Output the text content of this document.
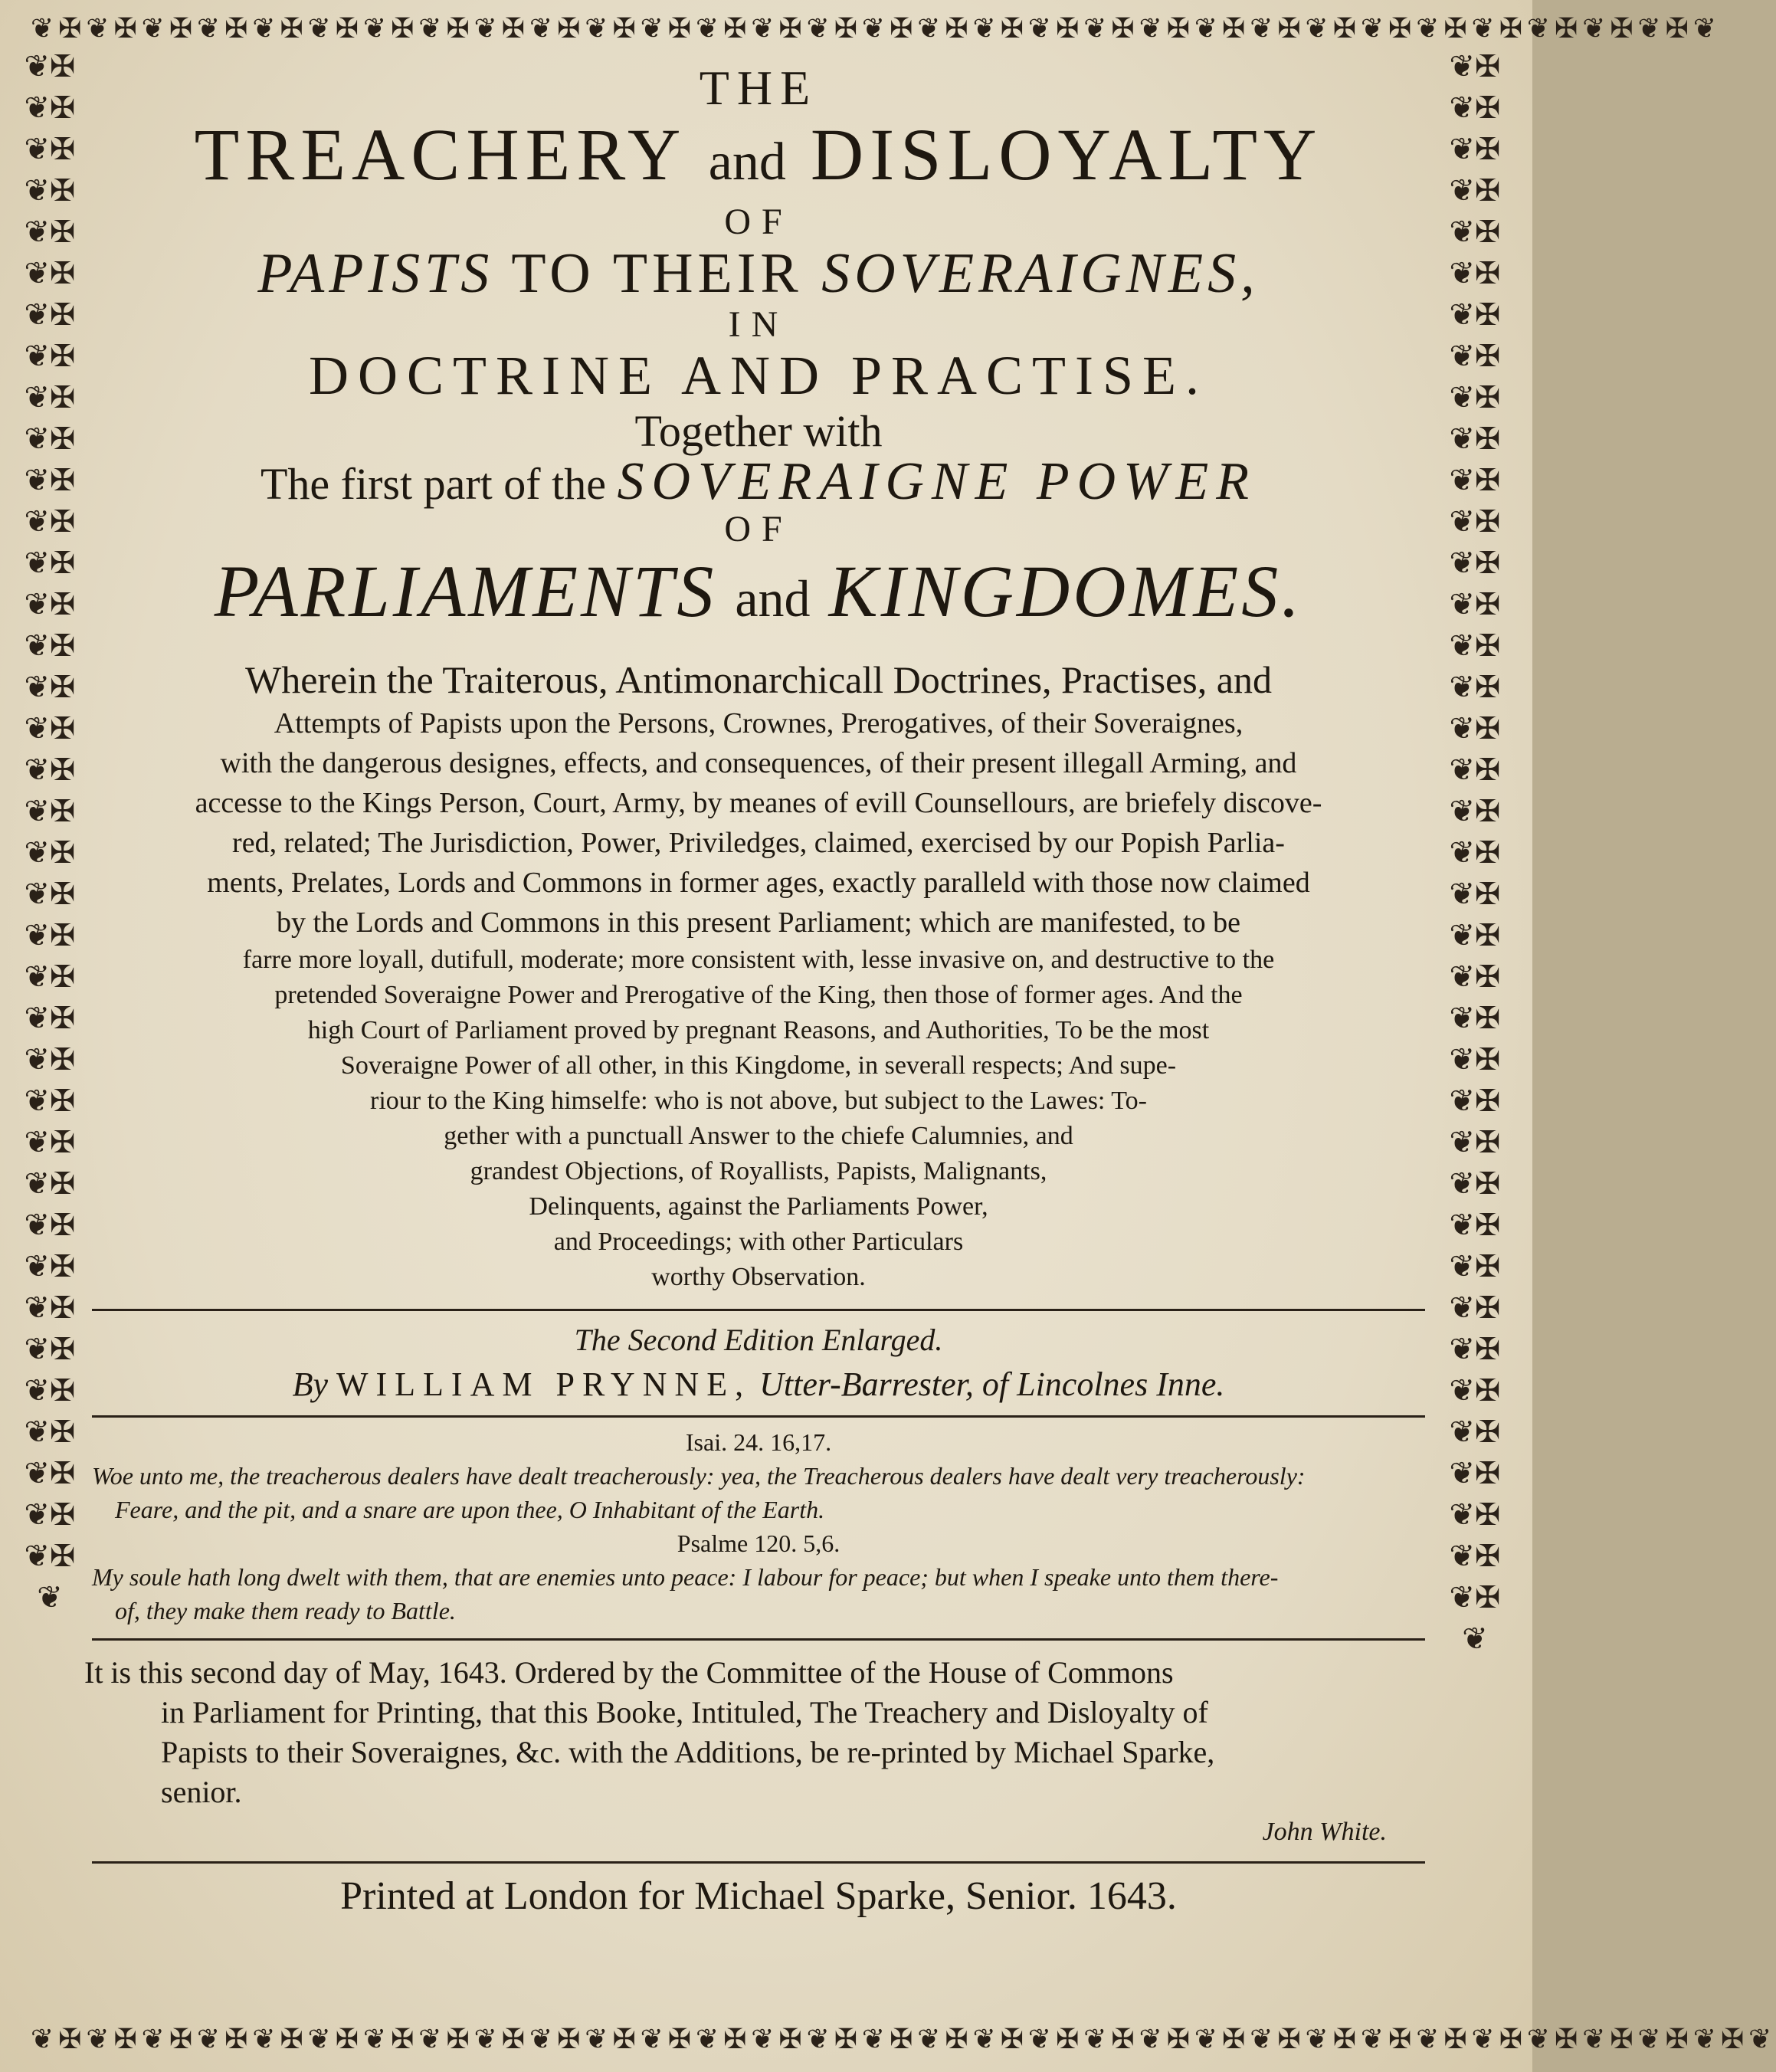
❦✠❦✠❦✠❦✠❦✠❦✠❦✠❦✠❦✠❦✠❦✠❦✠❦✠❦✠❦✠❦✠❦✠❦✠❦✠❦✠❦✠❦✠❦✠❦✠❦✠❦✠❦✠❦✠❦✠❦✠❦
❦✠❦✠❦✠❦✠❦✠❦✠❦✠❦✠❦✠❦✠❦✠❦✠❦✠❦✠❦✠❦✠❦✠❦✠❦✠❦✠❦✠❦✠❦✠❦✠❦✠❦✠❦✠❦✠❦✠❦✠❦✠❦✠❦✠❦✠❦✠❦✠❦✠❦
❦✠❦✠❦✠❦✠❦✠❦✠❦✠❦✠❦✠❦✠❦✠❦✠❦✠❦✠❦✠❦✠❦✠❦✠❦✠❦✠❦✠❦✠❦✠❦✠❦✠❦✠❦✠❦✠❦✠❦✠❦✠❦✠❦✠❦✠❦✠❦✠❦✠❦✠❦
❦✠❦✠❦✠❦✠❦✠❦✠❦✠❦✠❦✠❦✠❦✠❦✠❦✠❦✠❦✠❦✠❦✠❦✠❦✠❦✠❦✠❦✠❦✠❦✠❦✠❦✠❦✠❦✠❦✠❦✠❦✠❦
THE
TREACHERY and DISLOYALTY
OF
PAPISTS TO THEIR SOVERAIGNES,
IN
DOCTRINE AND PRACTISE.
Together with
The first part of the SOVERAIGNE POWER
OF
PARLIAMENTS and KINGDOMES.
Wherein the Traiterous, Antimonarchicall Doctrines, Practises, and
Attempts of Papists upon the Persons, Crownes, Prerogatives, of their Soveraignes,
with the dangerous designes, effects, and consequences, of their present illegall Arming, and
accesse to the Kings Person, Court, Army, by meanes of evill Counsellours, are briefely discove-
red, related; The Jurisdiction, Power, Priviledges, claimed, exercised by our Popish Parlia-
ments, Prelates, Lords and Commons in former ages, exactly paralleld with those now claimed
by the Lords and Commons in this present Parliament; which are manifested, to be
farre more loyall, dutifull, moderate; more consistent with, lesse invasive on, and destructive to the
pretended Soveraigne Power and Prerogative of the King, then those of former ages. And the
high Court of Parliament proved by pregnant Reasons, and Authorities, To be the most
Soveraigne Power of all other, in this Kingdome, in severall respects; And supe-
riour to the King himselfe: who is not above, but subject to the Lawes: To-
gether with a punctuall Answer to the chiefe Calumnies, and
grandest Objections, of Royallists, Papists, Malignants,
Delinquents, against the Parliaments Power,
and Proceedings; with other Particulars
worthy Observation.
The Second Edition Enlarged.
By WILLIAM PRYNNE, Utter-Barrester, of Lincolnes Inne.
Isai. 24. 16,17.
Woe unto me, the treacherous dealers have dealt treacherously: yea, the Treacherous dealers have dealt very treacherously:
Feare, and the pit, and a snare are upon thee, O Inhabitant of the Earth.
Psalme 120. 5,6.
My soule hath long dwelt with them, that are enemies unto peace: I labour for peace; but when I speake unto them there-
of, they make them ready to Battle.
It is this second day of May, 1643. Ordered by the Committee of the House of Commons
in Parliament for Printing, that this Booke, Intituled, The Treachery and Disloyalty of
Papists to their Soveraignes, &c. with the Additions, be re-printed by Michael Sparke,
senior.
John White.
Printed at London for Michael Sparke, Senior. 1643.
